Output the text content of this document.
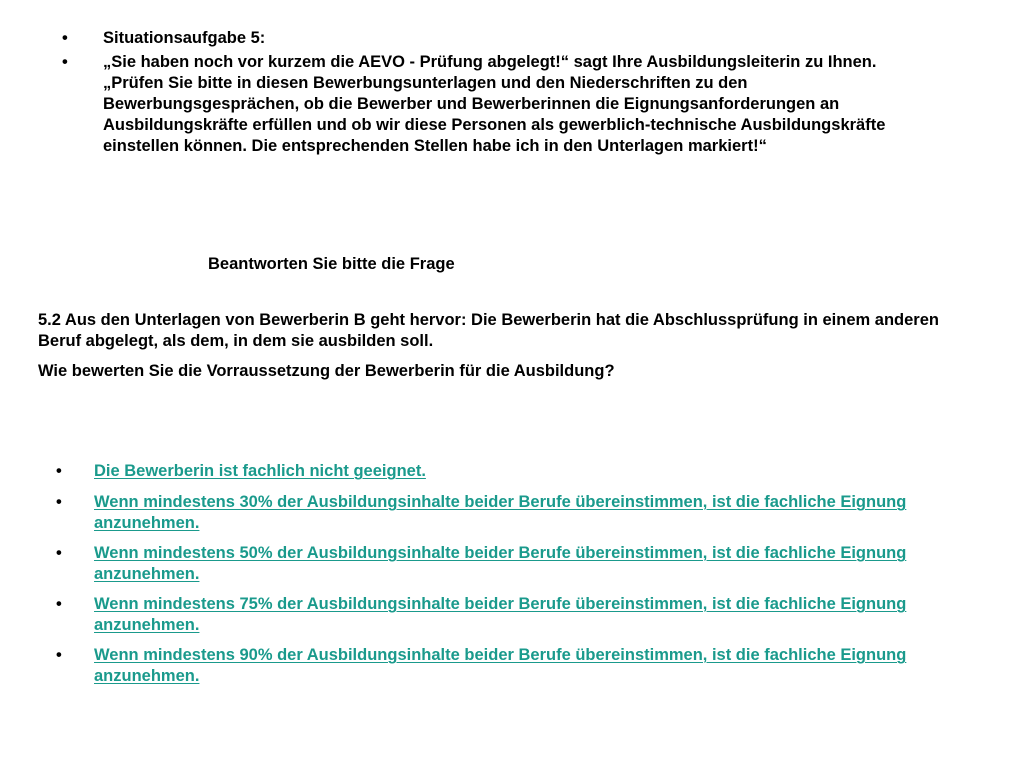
•	Situationsaufgabe 5:
•	„Sie haben noch vor kurzem die AEVO - Prüfung abgelegt!“ sagt Ihre Ausbildungsleiterin zu Ihnen.
„Prüfen Sie bitte in diesen Bewerbungsunterlagen und den Niederschriften zu den
Bewerbungsgesprächen, ob die Bewerber und Bewerberinnen die Eignungsanforderungen an
Ausbildungskräfte erfüllen und ob wir diese Personen als gewerblich-technische Ausbildungskräfte
einstellen können. Die entsprechenden Stellen habe ich in den Unterlagen markiert!“
Beantworten Sie bitte die Frage
5.2 Aus den Unterlagen von Bewerberin B geht hervor: Die Bewerberin hat die Abschlussprüfung in einem anderen
Beruf abgelegt, als dem, in dem sie ausbilden soll.
Wie bewerten Sie die Vorraussetzung der Bewerberin für die Ausbildung?
•	Die Bewerberin ist fachlich nicht geeignet.
•	Wenn mindestens 30% der Ausbildungsinhalte beider Berufe übereinstimmen, ist die fachliche Eignung
anzunehmen.
•	Wenn mindestens 50% der Ausbildungsinhalte beider Berufe übereinstimmen, ist die fachliche Eignung
anzunehmen.
•	Wenn mindestens 75% der Ausbildungsinhalte beider Berufe übereinstimmen, ist die fachliche Eignung
anzunehmen.
•	Wenn mindestens 90% der Ausbildungsinhalte beider Berufe übereinstimmen, ist die fachliche Eignung
anzunehmen.
